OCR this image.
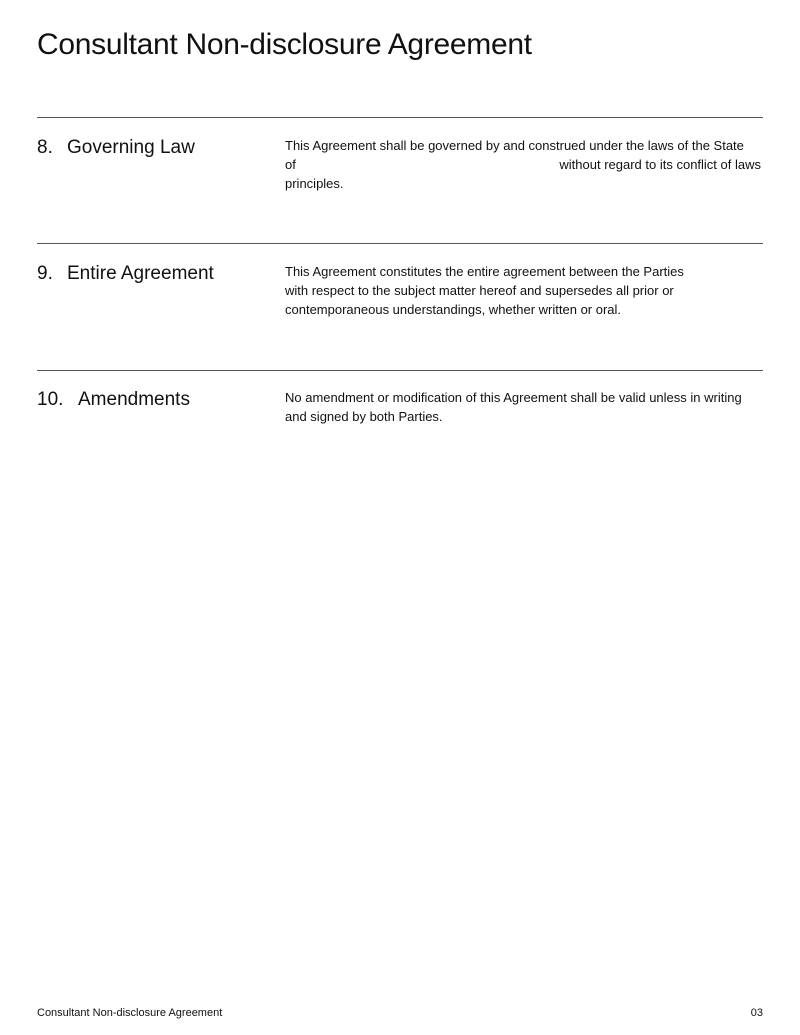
Consultant Non-disclosure Agreement
8. Governing Law	This Agreement shall be governed by and construed under the laws of the State
of	without regard to its conflict of laws
principles.
9. Entire Agreement	This Agreement constitutes the entire agreement between the Parties
with respect to the subject matter hereof and supersedes all prior or
contemporaneous understandings, whether written or oral.
10. Amendments	No amendment or modification of this Agreement shall be valid unless in writing
and signed by both Parties.
Consultant Non-disclosure Agreement	03
